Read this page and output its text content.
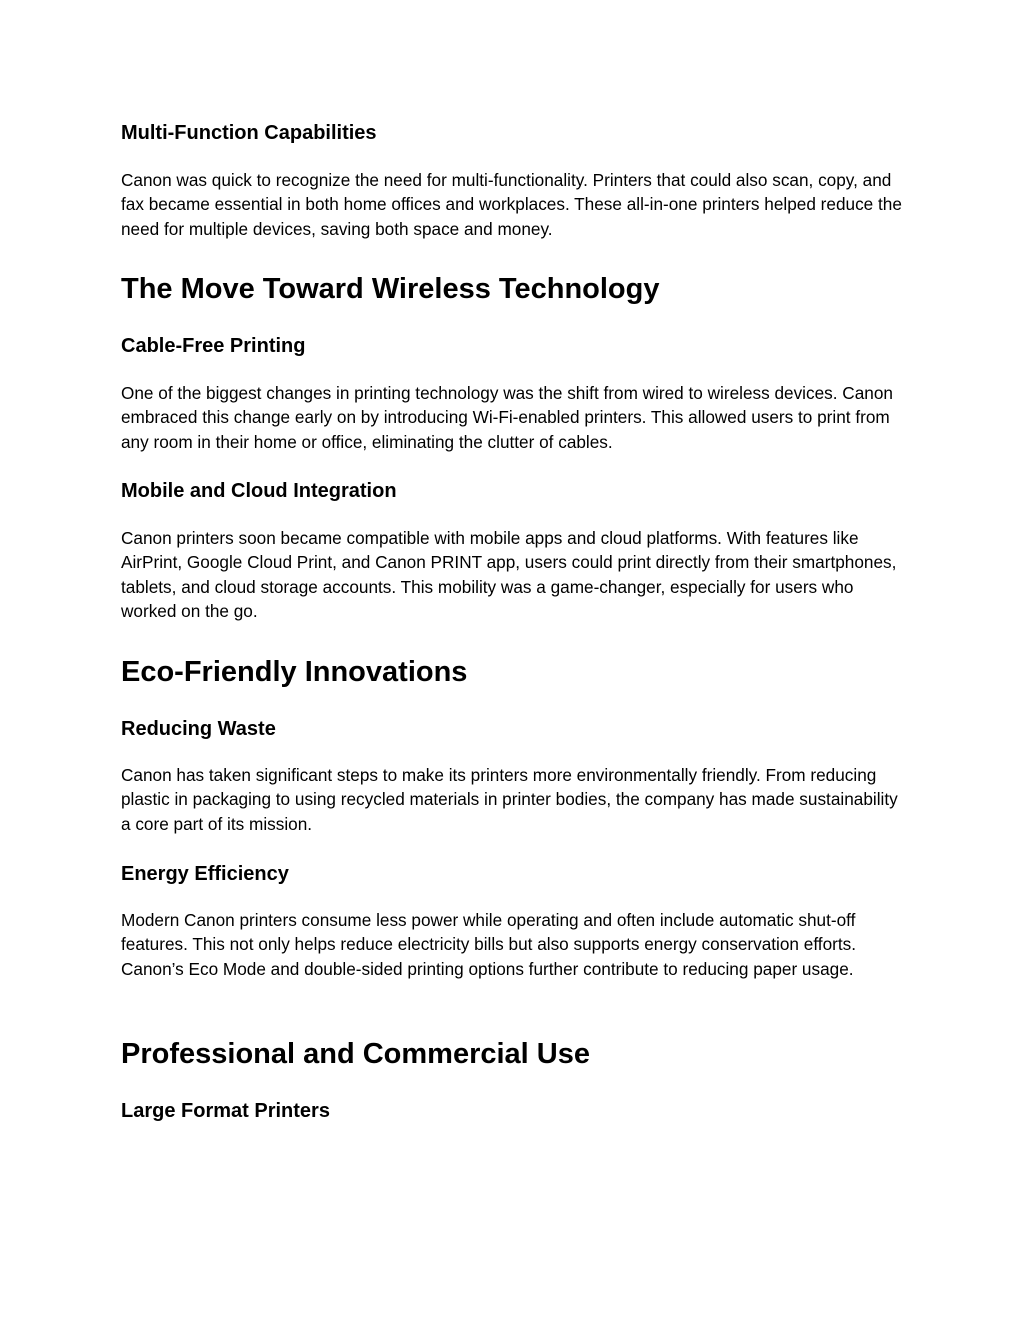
Multi-Function Capabilities

Canon was quick to recognize the need for multi-functionality. Printers that could also scan, copy, and fax became essential in both home offices and workplaces. These all-in-one printers helped reduce the need for multiple devices, saving both space and money.

The Move Toward Wireless Technology
Cable-Free Printing

One of the biggest changes in printing technology was the shift from wired to wireless devices. Canon embraced this change early on by introducing Wi-Fi-enabled printers. This allowed users to print from any room in their home or office, eliminating the clutter of cables.

Mobile and Cloud Integration

Canon printers soon became compatible with mobile apps and cloud platforms. With features like AirPrint, Google Cloud Print, and Canon PRINT app, users could print directly from their smartphones, tablets, and cloud storage accounts. This mobility was a game-changer, especially for users who worked on the go.

Eco-Friendly Innovations
Reducing Waste

Canon has taken significant steps to make its printers more environmentally friendly. From reducing plastic in packaging to using recycled materials in printer bodies, the company has made sustainability a core part of its mission.

Energy Efficiency

Modern Canon printers consume less power while operating and often include automatic shut-off features. This not only helps reduce electricity bills but also supports energy conservation efforts. Canon’s Eco Mode and double-sided printing options further contribute to reducing paper usage.

Professional and Commercial Use
Large Format Printers
